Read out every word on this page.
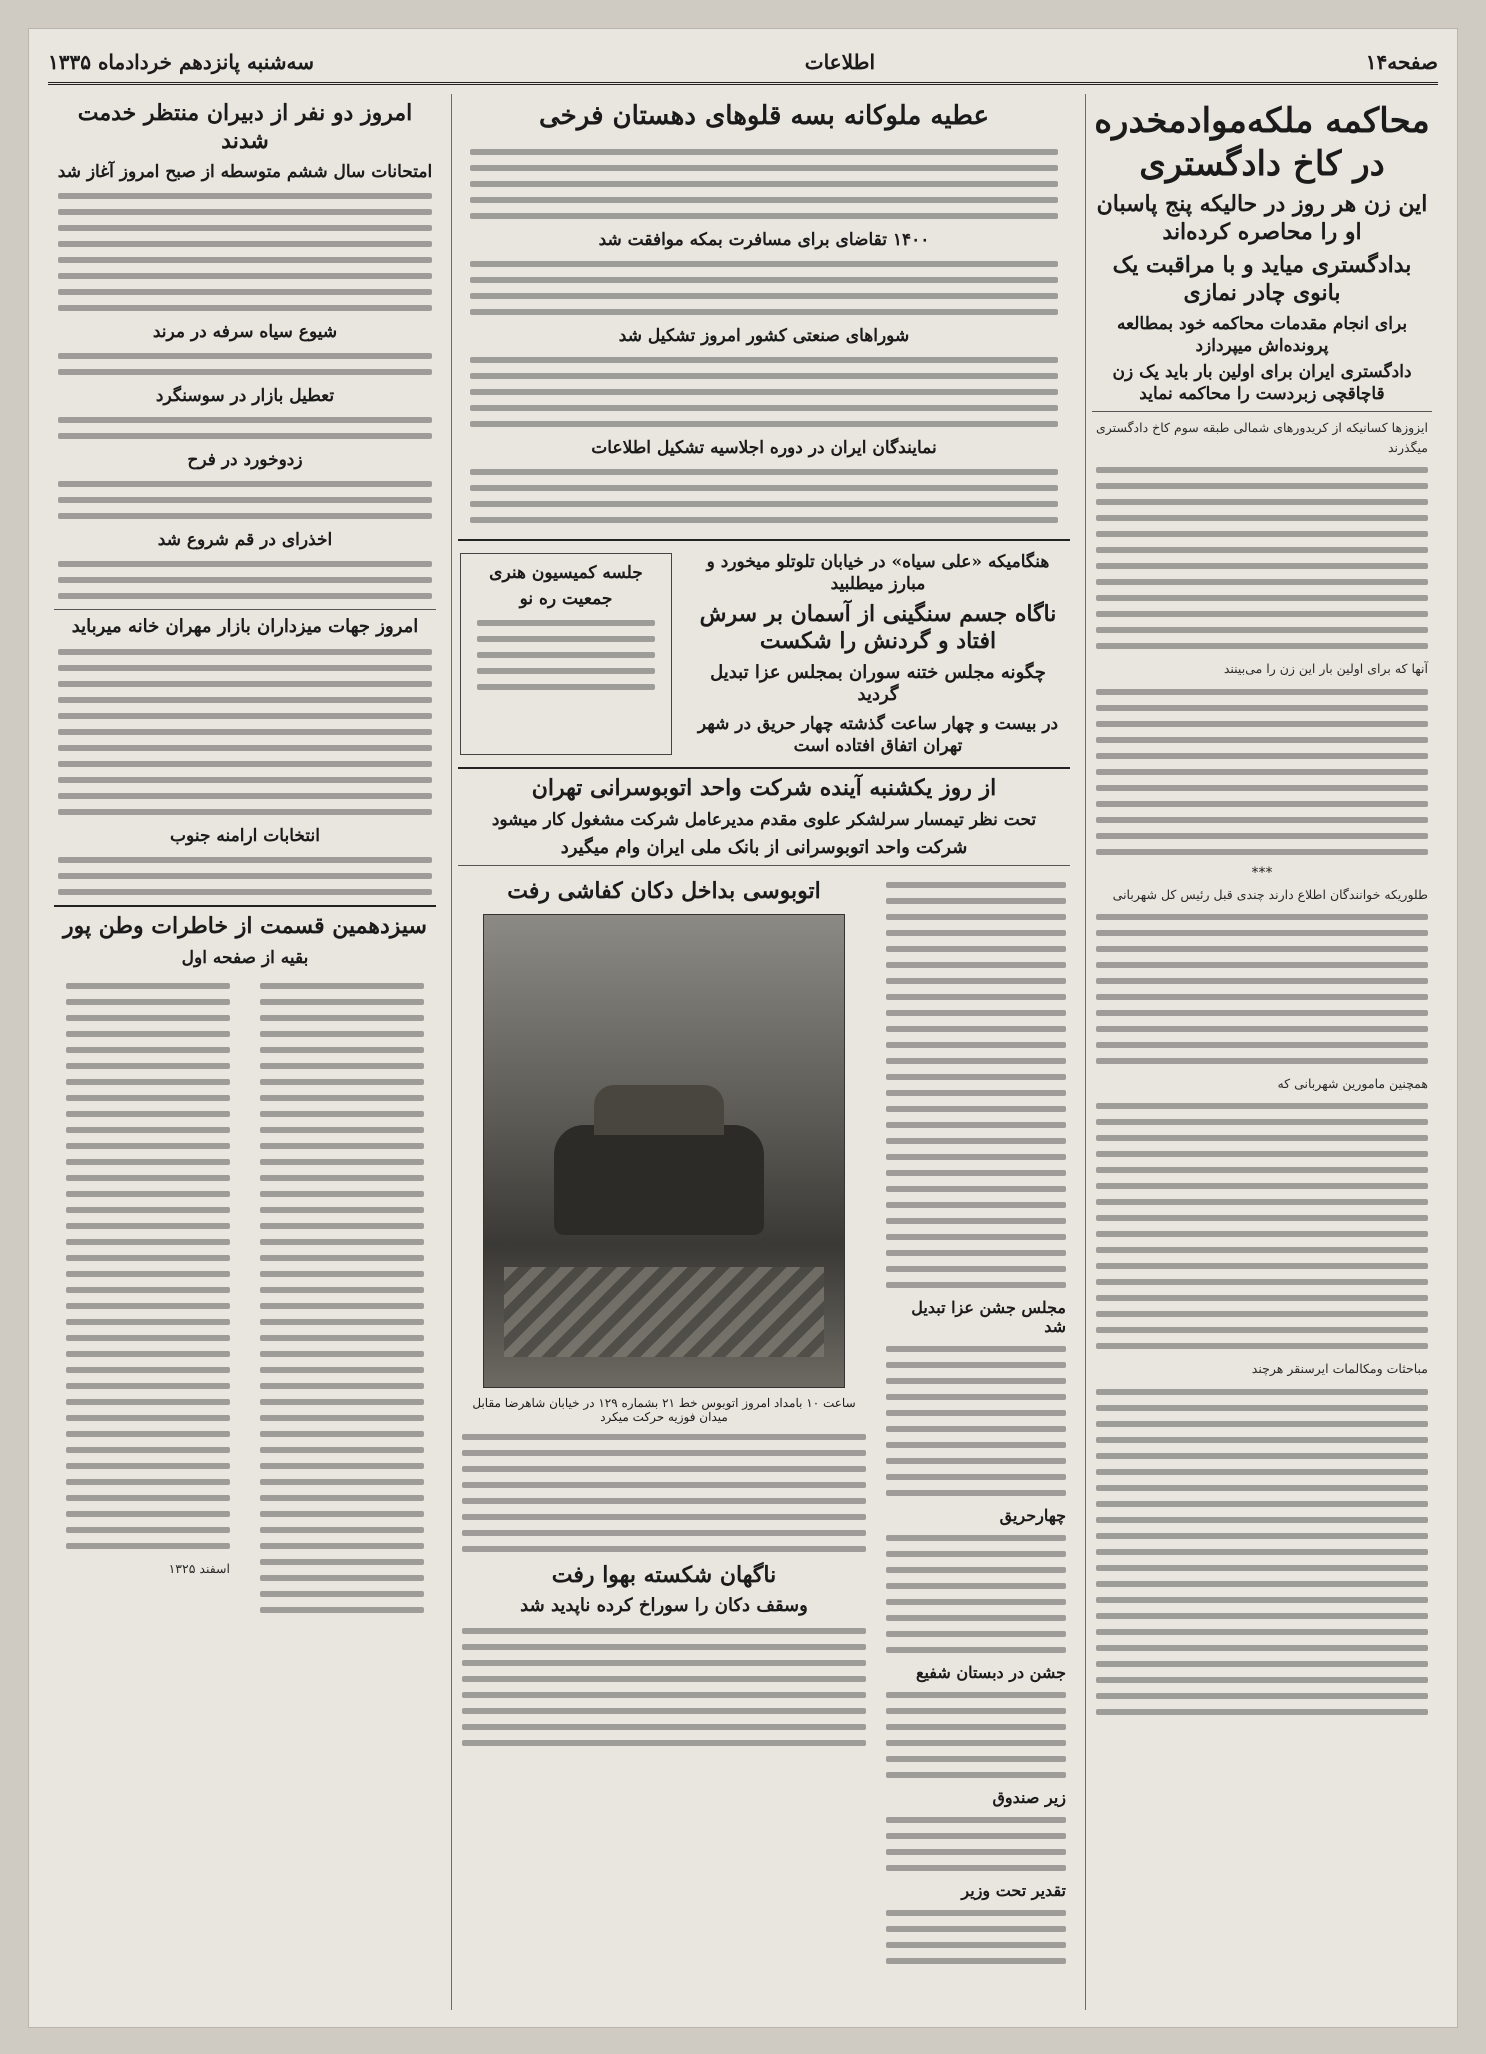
صفحه۱۴
اطلاعات
سه‌شنبه پانزدهم خردادماه ۱۳۳۵
محاکمه ملکه‌مواد‌مخدره در کاخ دادگستری
این زن هر روز در حالیکه پنج پاسبان او را محاصره کرده‌اند
بدادگستری میاید و با مراقبت یک بانوی چادر نمازی
برای انجام مقدمات محاکمه خود بمطالعه پرونده‌اش میپردازد
دادگستری ایران برای اولین بار باید یک زن قاچاقچی زبردست را محاکمه نماید
ایزوزها کسانیکه از کریدورهای شمالی طبقه سوم کاخ دادگستری میگذرند
آنها که برای اولین بار این زن را می‌بینند
***
طلوریکه خوانندگان اطلاع دارند چندی قبل رئیس کل شهربانی
همچنین مامورین شهربانی که
مباحثات ومکالمات ایرسنقر هرچند
عطیه ملوکانه بسه قلوهای دهستان فرخی
۱۴۰۰ تقاضای برای مسافرت بمکه موافقت شد
شوراهای صنعتی کشور امروز تشکیل شد
نمایندگان ایران در دوره اجلاسیه تشکیل اطلاعات
هنگامیکه «علی سیاه» در خیابان تلوتلو میخورد و مبارز میطلبید
ناگاه جسم سنگینی از آسمان بر سرش افتاد و گردنش را شکست
چگونه مجلس ختنه سوران بمجلس عزا تبدیل گردید
در بیست و چهار ساعت گذشته چهار حریق در شهر تهران اتفاق افتاده است
جلسه کمیسیون هنری
جمعیت ره نو
از روز یکشنبه آینده شرکت واحد اتوبوسرانی تهران
تحت نظر تیمسار سرلشکر علوی مقدم مدیرعامل شرکت مشغول کار میشود
شرکت واحد اتوبوسرانی از بانک ملی ایران وام میگیرد
مجلس جشن عزا تبدیل شد
چهارحریق
جشن در دبستان شفیع
زیر صندوق
تقدیر تحت وزیر
اتوبوسی بداخل دکان کفاشی رفت
ساعت ۱۰ بامداد امروز اتوبوس خط ۲۱ بشماره ۱۲۹ در خیابان شاهرضا مقابل میدان فوزیه حرکت میکرد
ناگهان شکسته بهوا رفت
وسقف دکان را سوراخ کرده ناپدید شد
امروز دو نفر از دبیران منتظر خدمت شدند
امتحانات سال ششم متوسطه از صبح امروز آغاز شد
شیوع سیاه سرفه در مرند
تعطیل بازار در سوسنگرد
زدوخورد در فرح
اخذرای در قم شروع شد
امروز جهات میزداران بازار مهران خانه میرباید
انتخابات ارامنه جنوب
سیزدهمین قسمت از خاطرات وطن پور
بقیه از صفحه اول
اسفند ۱۳۲۵
